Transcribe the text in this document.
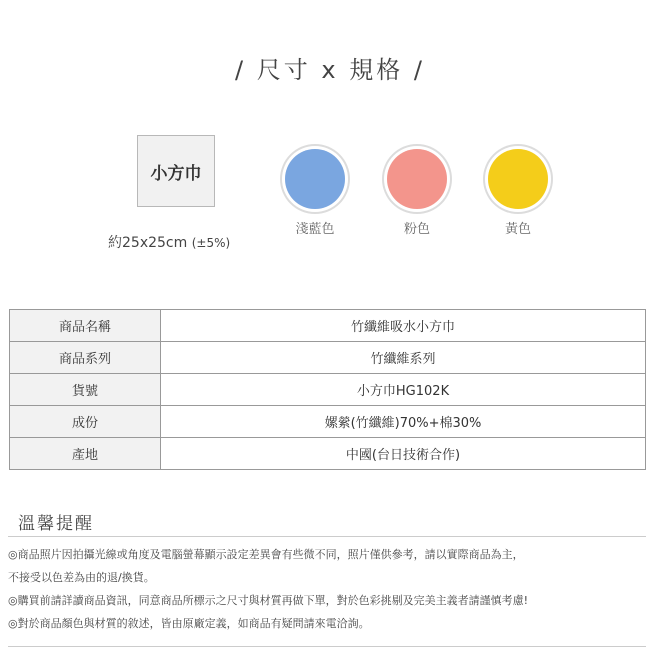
/ 尺寸 x 規格 /
小方巾
約25x25cm (±5%)
淺藍色	粉色	黃色
商品名稱	竹纖維吸水小方巾
商品系列	竹纖維系列
貨號	小方巾HG102K
成份	嫘縈(竹纖維)70%+棉30%
產地	中國(台日技術合作)
溫馨提醒
◎商品照片因拍攝光線或角度及電腦螢幕顯示設定差異會有些微不同，照片僅供參考，請以實際商品為主，
不接受以色差為由的退/換貨。
◎購買前請詳讀商品資訊，同意商品所標示之尺寸與材質再做下單，對於色彩挑剔及完美主義者請謹慎考慮!
◎對於商品顏色與材質的敘述，皆由原廠定義，如商品有疑問請來電洽詢。
